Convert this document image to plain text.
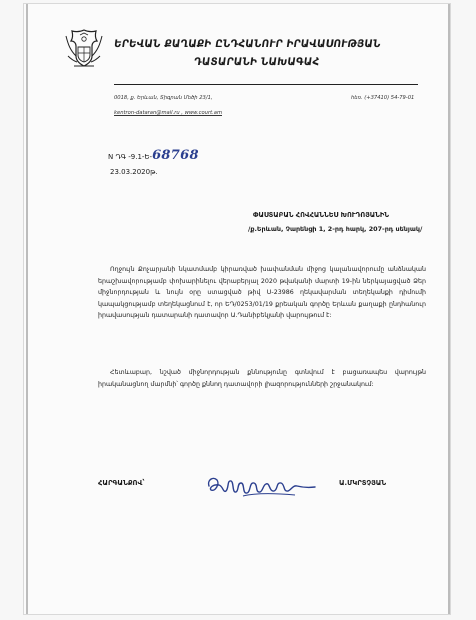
ԵՐԵՎԱՆ ՔԱՂԱՔԻ ԸՆԴՀԱՆՈՒՐ ԻՐԱՎԱՍՈՒԹՅԱՆ
ԴԱՏԱՐԱՆԻ ՆԱԽԱԳԱՀ
0018, ք. Երևան, Տիգրան Մեծի 23/1,	հեռ. (+37410) 54-79-01
kentron-dataran@mail.ru , www.court.am
N ԴԳ -9.1-Ե-68768
23.03.2020թ.
ՓԱՍՏԱԲԱՆ ՀՈՎՀԱՆՆԵՍ ԽՈՒԴՈՅԱՆԻՆ
/ք.Երևան, Չարենցի 1, 2-րդ հարկ, 207-րդ սենյակ/
Ողջույն Քոչարյանի նկատմամբ կիրառված խափանման միջոց կալանավորումը անձնական երաշխավորությամբ փոխարինելու վերաբերյալ 2020 թվականի մարտի 19-ին ներկայացված Ձեր միջնորդության և նույն օրը ստացված թիվ Ս-23986 ղեկավարման տեղեկանքի դիմումի կապակցությամբ տեղեկացնում է, որ ԵԴ/0253/01/19 քրեական գործը Երևան քաղաքի ընդհանուր իրավասության դատարանի դատավոր Ա.Դանիբեկյանի վարույթում է:
Հետևաբար, նշված միջնորդության քննությունը գտնվում է բացառապես վարույթն իրականացնող մարմնի՝ գործը քննող դատավորի լիազորությունների շրջանակում:
ՀԱՐԳԱՆՔՈՎ՝	Ա.ՄԿՐՏՉՅԱՆ
